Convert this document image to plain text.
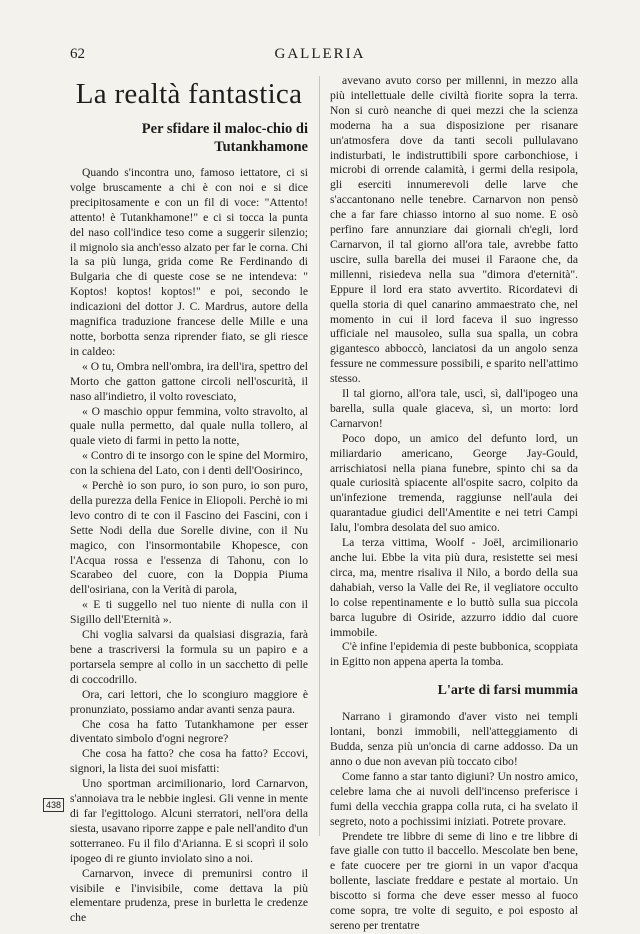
62	GALLERIA
La realtà fantastica
Per sfidare il maloc-chio di Tutankhamone

Quando s'incontra uno, famoso iettatore, ci si volge bruscamente a chi è con noi e si dice precipitosamente e con un fil di voce: "Attento! attento! è Tutankhamone!" e ci si tocca la punta del naso coll'indice teso come a suggerir silenzio; il mignolo sia anch'esso alzato per far le corna. Chi la sa più lunga, grida come Re Ferdinando di Bulgaria che di queste cose se ne intendeva: " Koptos! koptos! koptos!" e poi, secondo le indicazioni del dottor J. C. Mardrus, autore della magnifica traduzione francese delle Mille e una notte, borbotta senza riprender fiato, se gli riesce in caldeo:

« O tu, Ombra nell'ombra, ira dell'ira, spettro del Morto che gatton gattone circoli nell'oscurità, il naso all'indietro, il volto rovesciato,

« O maschio oppur femmina, volto stravolto, al quale nulla permetto, dal quale nulla tollero, al quale vieto di farmi in petto la notte,

« Contro di te insorgo con le spine del Mormiro, con la schiena del Lato, con i denti dell'Oosirinco,

« Perchè io son puro, io son puro, io son puro, della purezza della Fenice in Eliopoli. Perchè io mi levo contro di te con il Fascino dei Fascini, con i Sette Nodi della due Sorelle divine, con il Nu magico, con l'insormontabile Khopesce, con l'Acqua rossa e l'essenza di Tahonu, con lo Scarabeo del cuore, con la Doppia Piuma dell'osiriana, con la Verità di parola,

« E ti suggello nel tuo niente di nulla con il Sigillo dell'Eternità ».

Chi voglia salvarsi da qualsiasi disgrazia, farà bene a trascriversi la formula su un papiro e a portarsela sempre al collo in un sacchetto di pelle di coccodrillo.

Ora, cari lettori, che lo scongiuro maggiore è pronunziato, possiamo andar avanti senza paura.

Che cosa ha fatto Tutankhamone per esser diventato simbolo d'ogni negrore?

Che cosa ha fatto? che cosa ha fatto? Eccovi, signori, la lista dei suoi misfatti:

Uno sportman arcimilionario, lord Carnarvon, s'annoiava tra le nebbie inglesi. Gli venne in mente di far l'egittologo. Alcuni sterratori, nell'ora della siesta, usavano riporre zappe e pale nell'andito d'un sotterraneo. Fu il filo d'Arianna. E si scoprì il solo ipogeo di re giunto inviolato sino a noi.

Carnarvon, invece di premunirsi contro il visibile e l'invisibile, come dettava la più elementare prudenza, prese in burletta le credenze che

avevano avuto corso per millenni, in mezzo alla più intellettuale delle civiltà fiorite sopra la terra. Non si curò neanche di quei mezzi che la scienza moderna ha a sua disposizione per risanare un'atmosfera dove da tanti secoli pullulavano indisturbati, le indistruttibili spore carbonchiose, i microbi di orrende calamità, i germi della resipola, gli eserciti innumerevoli delle larve che s'accantonano nelle tenebre. Carnarvon non pensò che a far fare chiasso intorno al suo nome. E osò perfino fare annunziare dai giornali ch'egli, lord Carnarvon, il tal giorno all'ora tale, avrebbe fatto uscire, sulla barella dei musei il Faraone che, da millenni, risiedeva nella sua "dimora d'eternità". Eppure il lord era stato avvertito. Ricordatevi di quella storia di quel canarino ammaestrato che, nel momento in cui il lord faceva il suo ingresso ufficiale nel mausoleo, sulla sua spalla, un cobra gigantesco abboccò, lanciatosi da un angolo senza fessure ne commessure possibili, e sparito nell'attimo stesso.

Il tal giorno, all'ora tale, uscì, sì, dall'ipogeo una barella, sulla quale giaceva, sì, un morto: lord Carnarvon!

Poco dopo, un amico del defunto lord, un miliardario americano, George Jay-Gould, arrischiatosi nella piana funebre, spinto chi sa da quale curiosità spiacente all'ospite sacro, colpito da un'infezione tremenda, raggiunse nell'aula dei quarantadue giudici dell'Amentite e nei tetri Campi Ialu, l'ombra desolata del suo amico.

La terza vittima, Woolf - Joël, arcimilionario anche lui. Ebbe la vita più dura, resistette sei mesi circa, ma, mentre risaliva il Nilo, a bordo della sua dahabiah, verso la Valle dei Re, il vegliatore occulto lo colse repentinamente e lo buttò sulla sua piccola barca lugubre di Osiride, azzurro iddio dal cuore immobile.

C'è infine l'epidemia di peste bubbonica, scoppiata in Egitto non appena aperta la tomba.

L'arte di farsi mummia

Narrano i giramondo d'aver visto nei templi lontani, bonzi immobili, nell'atteggiamento di Budda, senza più un'oncia di carne addosso. Da un anno o due non avevan più toccato cibo!

Come fanno a star tanto digiuni? Un nostro amico, celebre lama che ai nuvoli dell'incenso preferisce i fumi della vecchia grappa colla ruta, ci ha svelato il segreto, noto a pochissimi iniziati. Potrete provare.

Prendete tre libbre di seme di lino e tre libbre di fave gialle con tutto il baccello. Mescolate ben bene, e fate cuocere per tre giorni in un vapor d'acqua bollente, lasciate freddare e pestate al mortaio. Un biscotto si forma che deve esser messo al fuoco come sopra, tre volte di seguito, e poi esposto al sereno per trentatre

438
